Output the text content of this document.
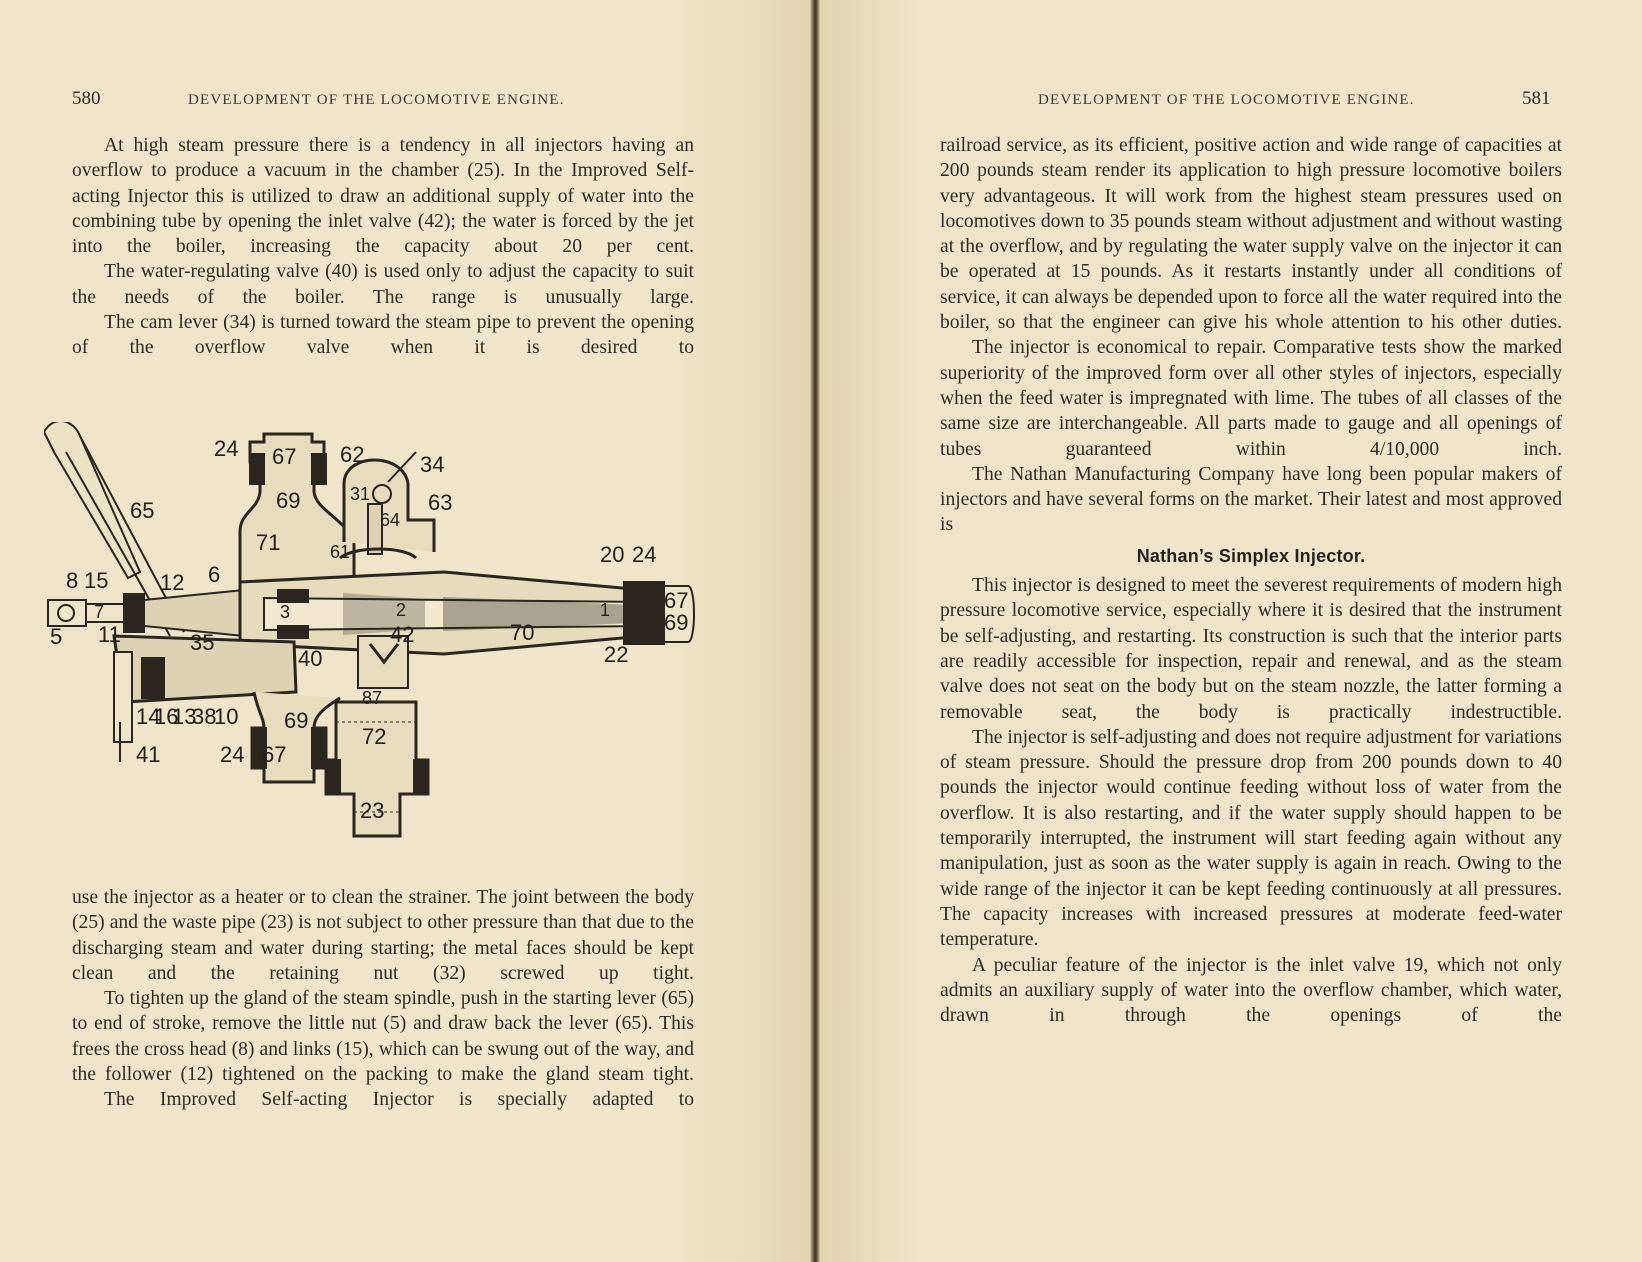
580	DEVELOPMENT OF THE LOCOMOTIVE ENGINE.

At high steam pressure there is a tendency in all injectors having an overflow to produce a vacuum in the chamber (25). In the Improved Self-acting Injector this is utilized to draw an additional supply of water into the combining tube by opening the inlet valve (42); the water is forced by the jet into the boiler, increasing the capacity about 20 per cent.

The water-regulating valve (40) is used only to adjust the capacity to suit the needs of the boiler. The range is unusually large.

The cam lever (34) is turned toward the steam pipe to prevent the opening of the overflow valve when it is desired to

65
24 67
69
62	34
31
64
63
71	61
6
20 24
8 15 12
7	3	2	1 67
69
5 11	35	42	70
22
40
87
14
16
13
38
10 69
72
41	24 67
23

use the injector as a heater or to clean the strainer. The joint between the body (25) and the waste pipe (23) is not subject to other pressure than that due to the discharging steam and water during starting; the metal faces should be kept clean and the retaining nut (32) screwed up tight.

To tighten up the gland of the steam spindle, push in the starting lever (65) to end of stroke, remove the little nut (5) and draw back the lever (65). This frees the cross head (8) and links (15), which can be swung out of the way, and the follower (12) tightened on the packing to make the gland steam tight.

The Improved Self-acting Injector is specially adapted to

DEVELOPMENT OF THE LOCOMOTIVE ENGINE.	581

railroad service, as its efficient, positive action and wide range of capacities at 200 pounds steam render its application to high pressure locomotive boilers very advantageous. It will work from the highest steam pressures used on locomotives down to 35 pounds steam without adjustment and without wasting at the overflow, and by regulating the water supply valve on the injector it can be operated at 15 pounds. As it restarts instantly under all conditions of service, it can always be depended upon to force all the water required into the boiler, so that the engineer can give his whole attention to his other duties.

The injector is economical to repair. Comparative tests show the marked superiority of the improved form over all other styles of injectors, especially when the feed water is impregnated with lime. The tubes of all classes of the same size are interchangeable. All parts made to gauge and all openings of tubes guaranteed within 4/10,000 inch.

The Nathan Manufacturing Company have long been popular makers of injectors and have several forms on the market. Their latest and most approved is

Nathan’s Simplex Injector.

This injector is designed to meet the severest requirements of modern high pressure locomotive service, especially where it is desired that the instrument be self-adjusting, and restarting. Its construction is such that the interior parts are readily accessible for inspection, repair and renewal, and as the steam valve does not seat on the body but on the steam nozzle, the latter forming a removable seat, the body is practically indestructible.

The injector is self-adjusting and does not require adjustment for variations of steam pressure. Should the pressure drop from 200 pounds down to 40 pounds the injector would continue feeding without loss of water from the overflow. It is also restarting, and if the water supply should happen to be temporarily interrupted, the instrument will start feeding again without any manipulation, just as soon as the water supply is again in reach. Owing to the wide range of the injector it can be kept feeding continuously at all pressures. The capacity increases with increased pressures at moderate feed-water temperature.

A peculiar feature of the injector is the inlet valve 19, which not only admits an auxiliary supply of water into the overflow chamber, which water, drawn in through the openings of the
